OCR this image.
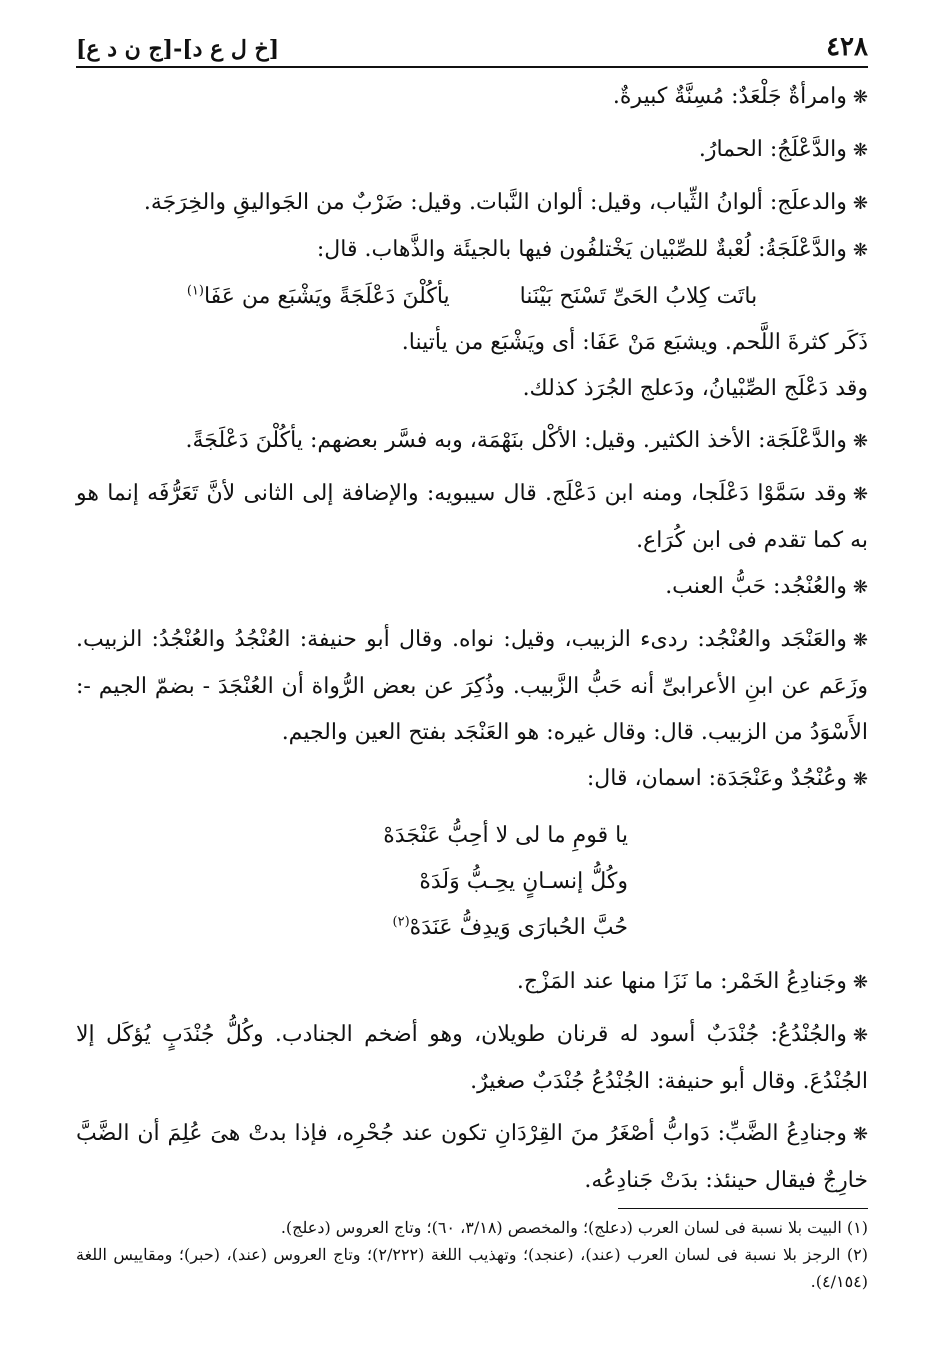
٤٢٨
[خ ل ع د]-[ج ن د ع]

❋وامرأةٌ جَلْعَدٌ: مُسِنَّةٌ كبيرةٌ.

❋والدَّعْلَجُ: الحمارُ.

❋والدعلَج: ألوانُ الثِّياب، وقيل: ألوان النَّبات. وقيل: ضَرْبٌ من الجَواليقِ والخِرَجَة.

❋والدَّعْلَجَةُ: لُعْبةٌ للصِّبْيان يَخْتلفُون فيها بالجيئَة والذَّهاب. قال:

باتَت كِلابُ الحَىِّ تَسْنَح بَيْنَنا
يأكُلْنَ دَعْلَجَةً ويَشْبَع من عَفَا$^{(١)}$

ذَكَر كثرةَ اللَّحم. ويشبَع مَنْ عَفَا: أى ويَشْبَع من يأتينا.

وقد دَعْلَج الصِّبْيانُ، ودَعلج الجُرَذ كذلك.

❋والدَّعْلَجَة: الأخذ الكثير. وقيل: الأكْل بنَهْمَة، وبه فسَّر بعضهم: يأكُلْنَ دَعْلَجَةً.

❋وقد سَمَّوْا دَعْلَجا، ومنه ابن دَعْلَج. قال سيبويه: والإضافة إلى الثانى لأنَّ تَعَرُّفَه إنما هو به كما تقدم فى ابن كُرَاع.

❋والعُنْجُد: حَبُّ العنب.

❋والعَنْجَد والعُنْجُد: ردىء الزبيب، وقيل: نواه. وقال أبو حنيفة: العُنْجُدُ والعُنْجُدُ: الزبيب. وزَعَم عن ابنِ الأعرابىِّ أنه حَبُّ الزَّبيب. وذُكِرَ عن بعض الرُّواة أن العُنْجَدَ - بضمّ الجيم -: الأَسْوَدُ من الزبيب. قال: وقال غيره: هو العَنْجَد بفتح العين والجيم.

❋وعُنْجُدٌ وعَنْجَدَة: اسمان، قال:

يا قومِ ما لى لا أحِبُّ عَنْجَدَهْ
وكُلُّ إنسـانٍ يحِـبُّ وَلَدَهْ
حُبَّ الحُبارَى وَيدِفُّ عَنَدَهْ$^{(٢)}$

❋وجَنادِعُ الخَمْر: ما نَزَا منها عند المَزْج.

❋والجُنْدُعُ: جُنْدَبٌ أسود له قرنان طويلان، وهو أضخم الجنادب. وكُلُّ جُنْدَبٍ يُؤكَل إلا الجُنْدُعَ. وقال أبو حنيفة: الجُنْدُعُ جُنْدَبٌ صغيرٌ.

❋وجنادِعُ الضَّبِّ: دَوابُّ أصْغَرُ منَ القِرْدَانِ تكون عند جُحْرِه، فإذا بدتْ هىَ عُلِمَ أن الضَّبَّ خارِجٌ فيقال حينئذ: بدَتْ جَنادِعُه.

(١) البيت بلا نسبة فى لسان العرب (دعلج)؛ والمخصص (٣/١٨، ٦٠)؛ وتاج العروس (دعلج).

(٢) الرجز بلا نسبة فى لسان العرب (عند)، (عنجد)؛ وتهذيب اللغة (٢/٢٢٢)؛ وتاج العروس (عند)، (حبر)؛ ومقاييس اللغة (٤/١٥٤).
